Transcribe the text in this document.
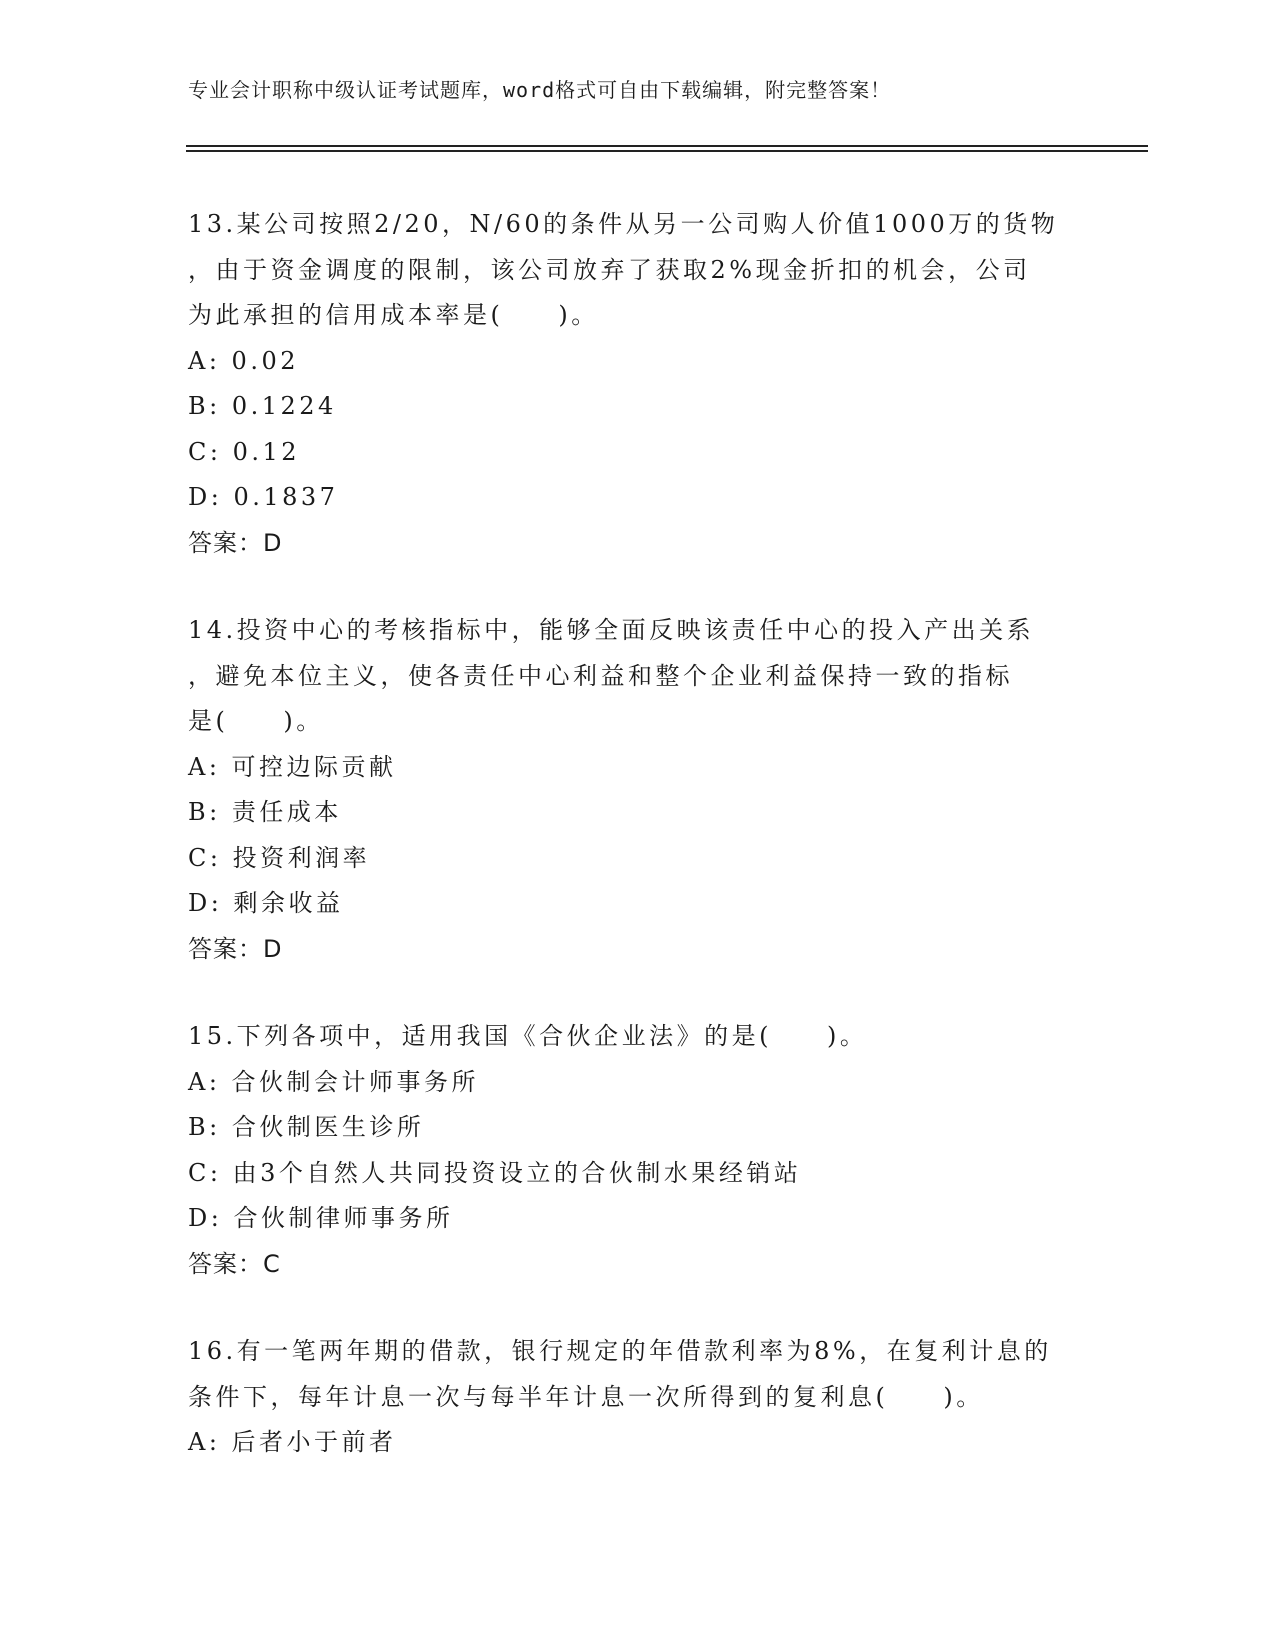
专业会计职称中级认证考试题库，word格式可自由下载编辑，附完整答案！
13.某公司按照2/20，N/60的条件从另一公司购人价值1000万的货物
，由于资金调度的限制，该公司放弃了获取2%现金折扣的机会，公司
为此承担的信用成本率是(　　)。
A: 0.02
B: 0.1224
C: 0.12
D: 0.1837
答案：D
14.投资中心的考核指标中，能够全面反映该责任中心的投入产出关系
，避免本位主义，使各责任中心利益和整个企业利益保持一致的指标
是(　　)。
A: 可控边际贡献
B: 责任成本
C: 投资利润率
D: 剩余收益
答案：D
15.下列各项中，适用我国《合伙企业法》的是(　　)。
A: 合伙制会计师事务所
B: 合伙制医生诊所
C: 由3个自然人共同投资设立的合伙制水果经销站
D: 合伙制律师事务所
答案：C
16.有一笔两年期的借款，银行规定的年借款利率为8%，在复利计息的
条件下，每年计息一次与每半年计息一次所得到的复利息(　　)。
A: 后者小于前者
